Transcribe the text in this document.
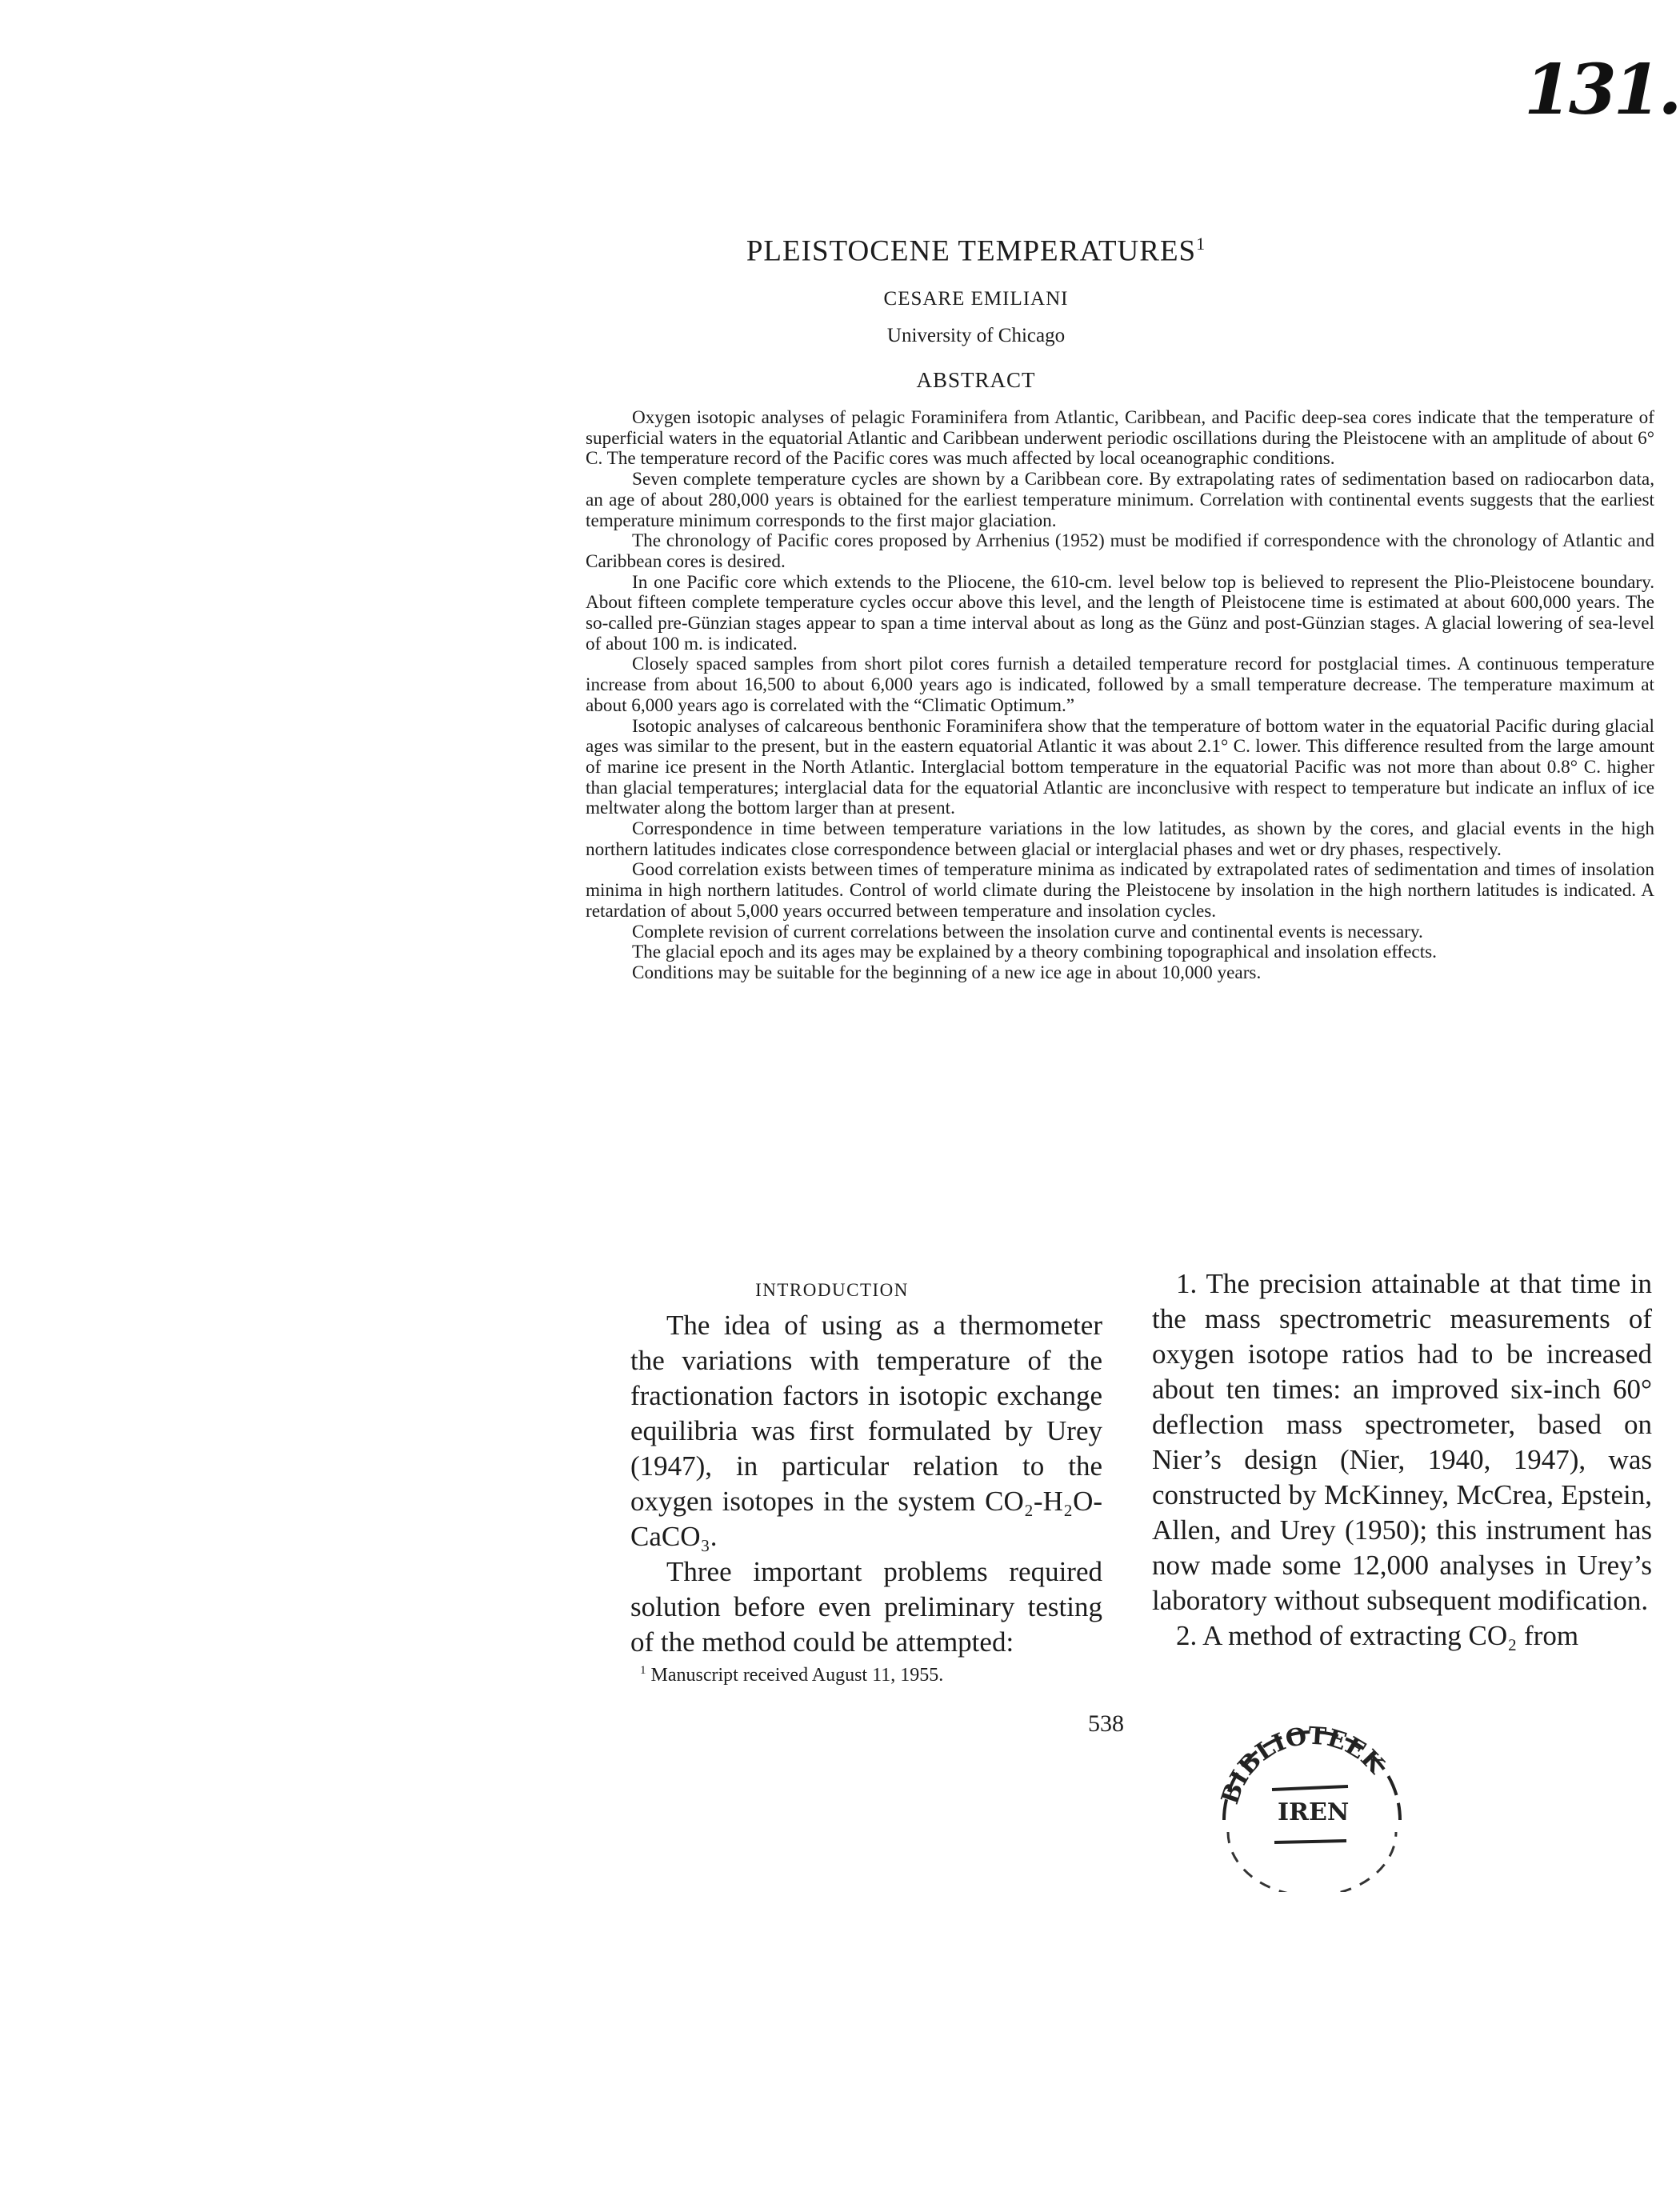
131.
PLEISTOCENE TEMPERATURES$^1$
CESARE EMILIANI
University of Chicago
ABSTRACT

Oxygen isotopic analyses of pelagic Foraminifera from Atlantic, Caribbean, and Pacific deep-sea cores indicate that the temperature of superficial waters in the equatorial Atlantic and Caribbean underwent periodic oscillations during the Pleistocene with an amplitude of about 6° C. The temperature record of the Pacific cores was much affected by local oceanographic conditions.

Seven complete temperature cycles are shown by a Caribbean core. By extrapolating rates of sedimentation based on radiocarbon data, an age of about 280,000 years is obtained for the earliest temperature minimum. Correlation with continental events suggests that the earliest temperature minimum corresponds to the first major glaciation.

The chronology of Pacific cores proposed by Arrhenius (1952) must be modified if correspondence with the chronology of Atlantic and Caribbean cores is desired.

In one Pacific core which extends to the Pliocene, the 610-cm. level below top is believed to represent the Plio-Pleistocene boundary. About fifteen complete temperature cycles occur above this level, and the length of Pleistocene time is estimated at about 600,000 years. The so-called pre-Günzian stages appear to span a time interval about as long as the Günz and post-Günzian stages. A glacial lowering of sea-level of about 100 m. is indicated.

Closely spaced samples from short pilot cores furnish a detailed temperature record for postglacial times. A continuous temperature increase from about 16,500 to about 6,000 years ago is indicated, followed by a small temperature decrease. The temperature maximum at about 6,000 years ago is correlated with the “Climatic Optimum.”

Isotopic analyses of calcareous benthonic Foraminifera show that the temperature of bottom water in the equatorial Pacific during glacial ages was similar to the present, but in the eastern equatorial Atlantic it was about 2.1° C. lower. This difference resulted from the large amount of marine ice present in the North Atlantic. Interglacial bottom temperature in the equatorial Pacific was not more than about 0.8° C. higher than glacial temperatures; interglacial data for the equatorial Atlantic are inconclusive with respect to temperature but indicate an influx of ice meltwater along the bottom larger than at present.

Correspondence in time between temperature variations in the low latitudes, as shown by the cores, and glacial events in the high northern latitudes indicates close correspondence between glacial or interglacial phases and wet or dry phases, respectively.

Good correlation exists between times of temperature minima as indicated by extrapolated rates of sedimentation and times of insolation minima in high northern latitudes. Control of world climate during the Pleistocene by insolation in the high northern latitudes is indicated. A retardation of about 5,000 years occurred between temperature and insolation cycles.

Complete revision of current correlations between the insolation curve and continental events is necessary.

The glacial epoch and its ages may be explained by a theory combining topographical and insolation effects.

Conditions may be suitable for the beginning of a new ice age in about 10,000 years.

INTRODUCTION

The idea of using as a thermometer the variations with temperature of the fractionation factors in isotopic exchange equilibria was first formulated by Urey (1947), in particular relation to the oxygen isotopes in the system CO₂-H₂O-CaCO₃.

Three important problems required solution before even preliminary testing of the method could be attempted:

1. The precision attainable at that time in the mass spectrometric measurements of oxygen isotope ratios had to be increased about ten times: an improved six-inch 60° deflection mass spectrometer, based on Nier’s design (Nier, 1940, 1947), was constructed by McKinney, McCrea, Epstein, Allen, and Urey (1950); this instrument has now made some 12,000 analyses in Urey’s laboratory without subsequent modification.

2. A method of extracting CO₂ from

$^1$ Manuscript received August 11, 1955.
538
BIBLIOTEEK
IREN
